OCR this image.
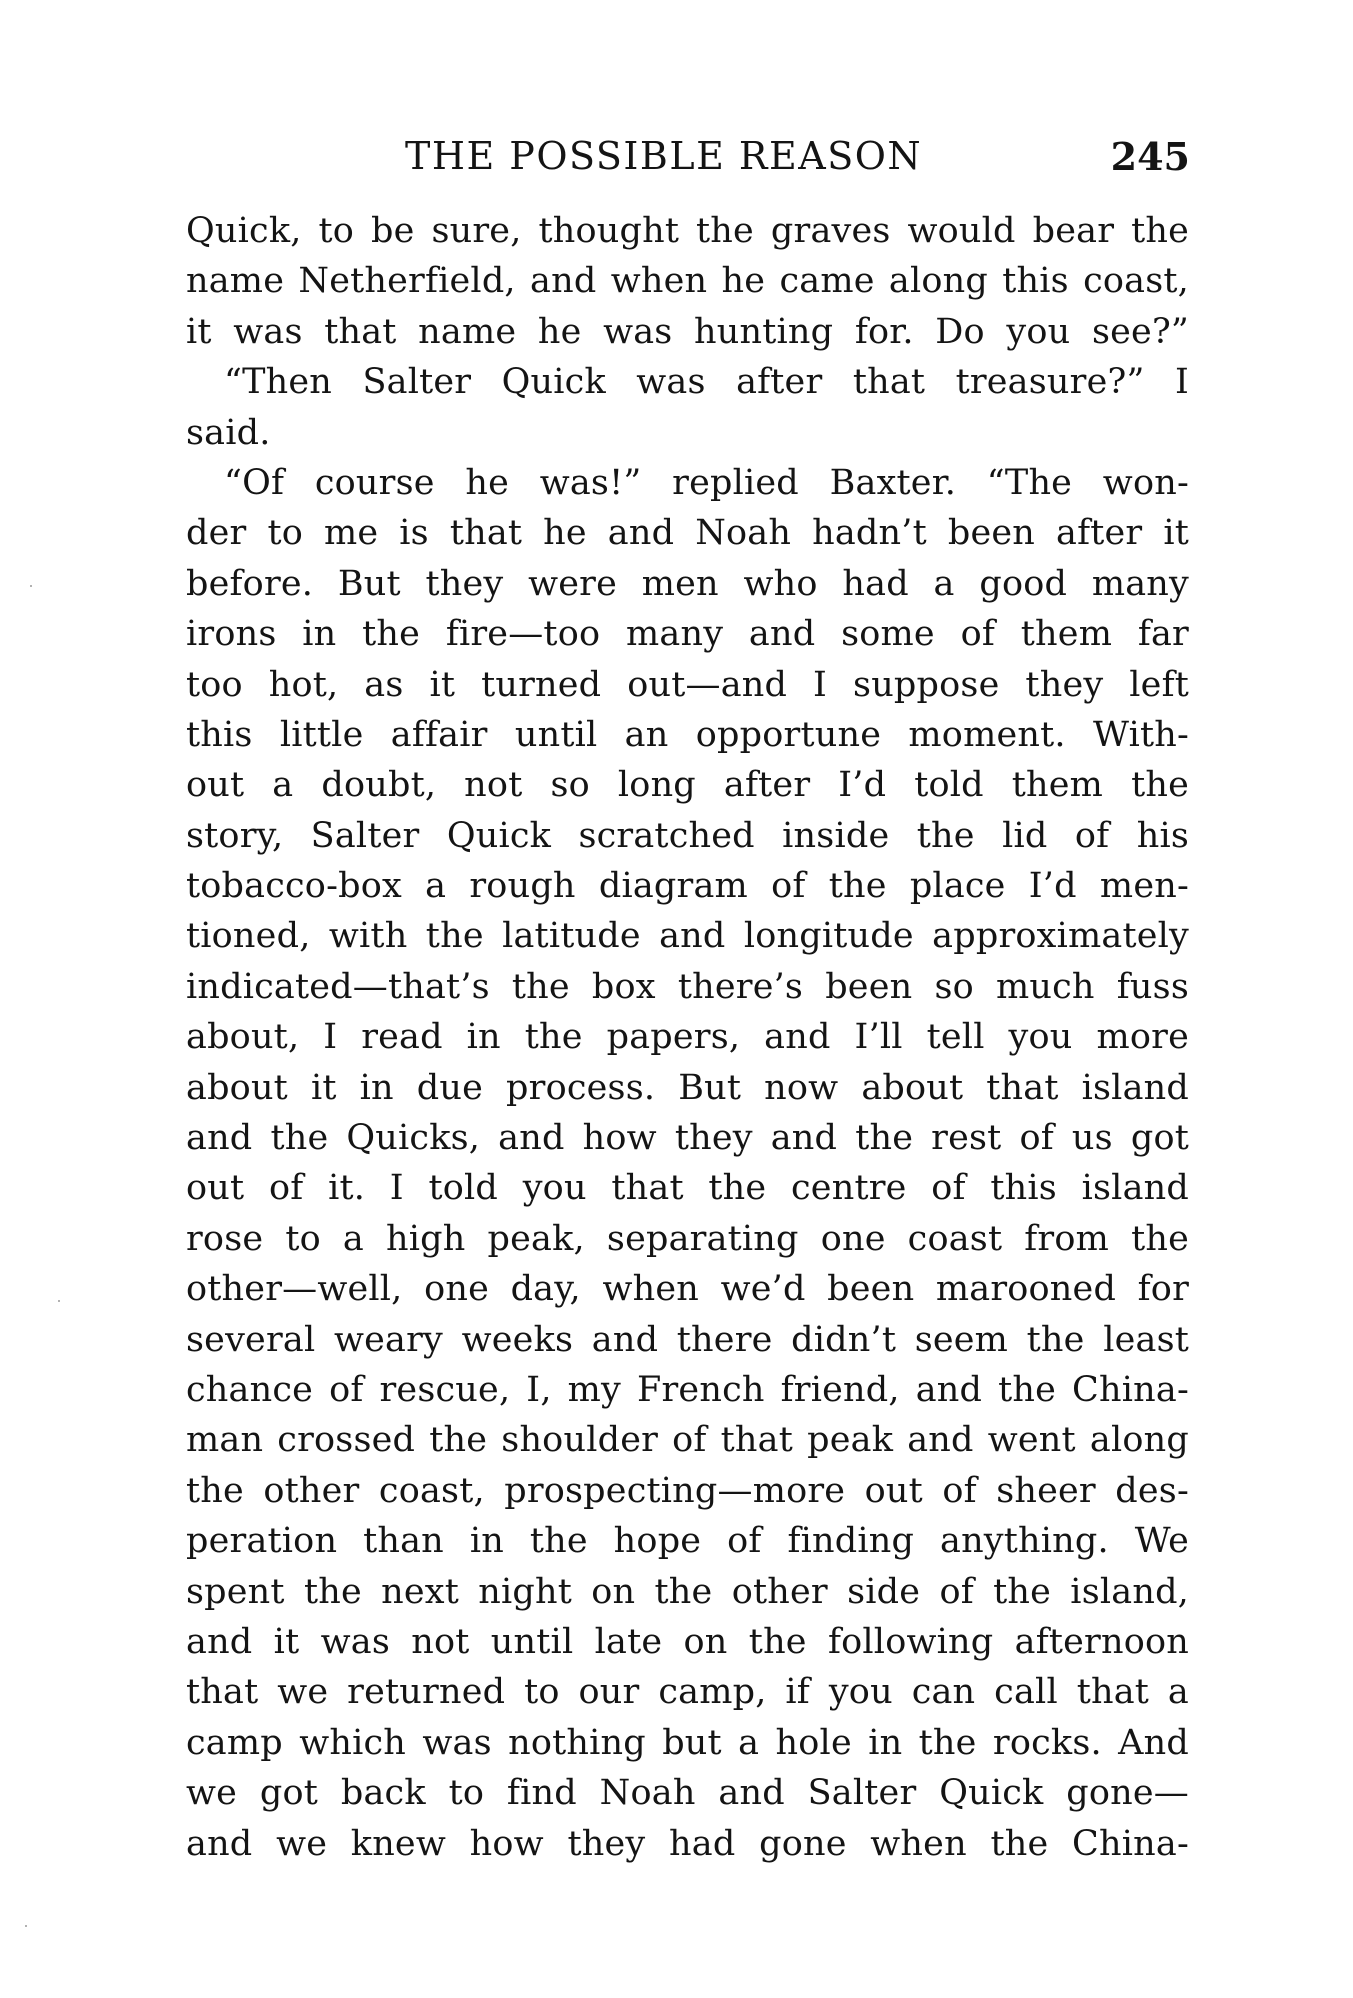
THE POSSIBLE REASON	245
Quick, to be sure, thought the graves would bear the
name Netherfield, and when he came along this coast,
it was that name he was hunting for. Do you see?”
“Then Salter Quick was after that treasure?” I
said.
“Of course he was!” replied Baxter. “The won-
der to me is that he and Noah hadn’t been after it
before. But they were men who had a good many
irons in the fire—too many and some of them far
too hot, as it turned out—and I suppose they left
this little affair until an opportune moment. With-
out a doubt, not so long after I’d told them the
story, Salter Quick scratched inside the lid of his
tobacco-box a rough diagram of the place I’d men-
tioned, with the latitude and longitude approximately
indicated—that’s the box there’s been so much fuss
about, I read in the papers, and I’ll tell you more
about it in due process. But now about that island
and the Quicks, and how they and the rest of us got
out of it. I told you that the centre of this island
rose to a high peak, separating one coast from the
other—well, one day, when we’d been marooned for
several weary weeks and there didn’t seem the least
chance of rescue, I, my French friend, and the China-
man crossed the shoulder of that peak and went along
the other coast, prospecting—more out of sheer des-
peration than in the hope of finding anything. We
spent the next night on the other side of the island,
and it was not until late on the following afternoon
that we returned to our camp, if you can call that a
camp which was nothing but a hole in the rocks. And
we got back to find Noah and Salter Quick gone—
and we knew how they had gone when the China-
